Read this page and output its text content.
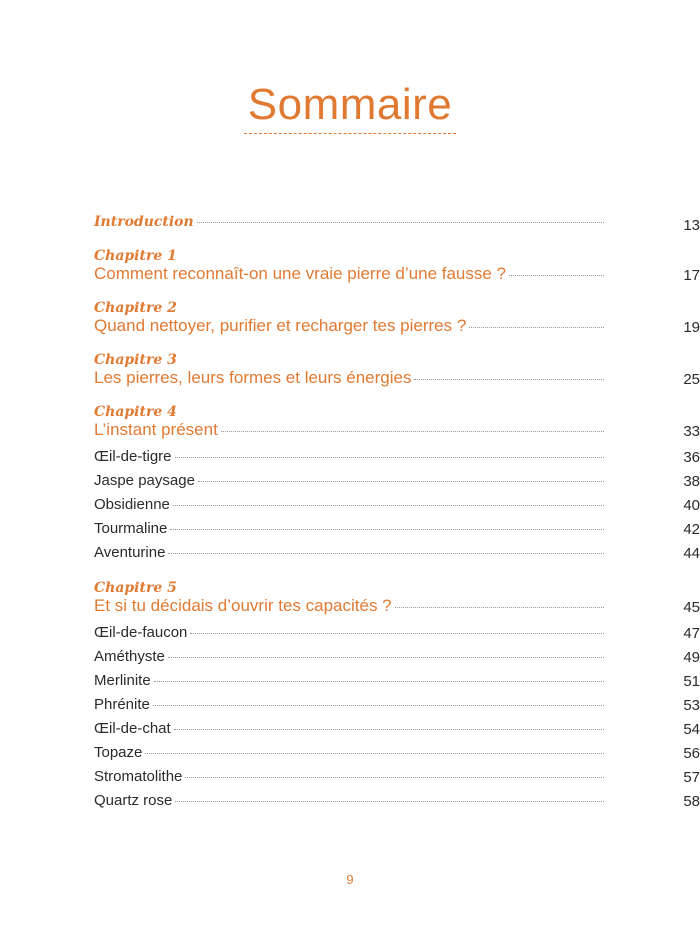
Sommaire
Introduction	13
Chapitre 1
Comment reconnaît-on une vraie pierre d’une fausse ?	17
Chapitre 2
Quand nettoyer, purifier et recharger tes pierres ?	19
Chapitre 3
Les pierres, leurs formes et leurs énergies	25
Chapitre 4
L’instant présent	33
Œil-de-tigre	36
Jaspe paysage	38
Obsidienne	40
Tourmaline	42
Aventurine	44
Chapitre 5
Et si tu décidais d’ouvrir tes capacités ?	45
Œil-de-faucon	47
Améthyste	49
Merlinite	51
Phrénite	53
Œil-de-chat	54
Topaze	56
Stromatolithe	57
Quartz rose	58
9
